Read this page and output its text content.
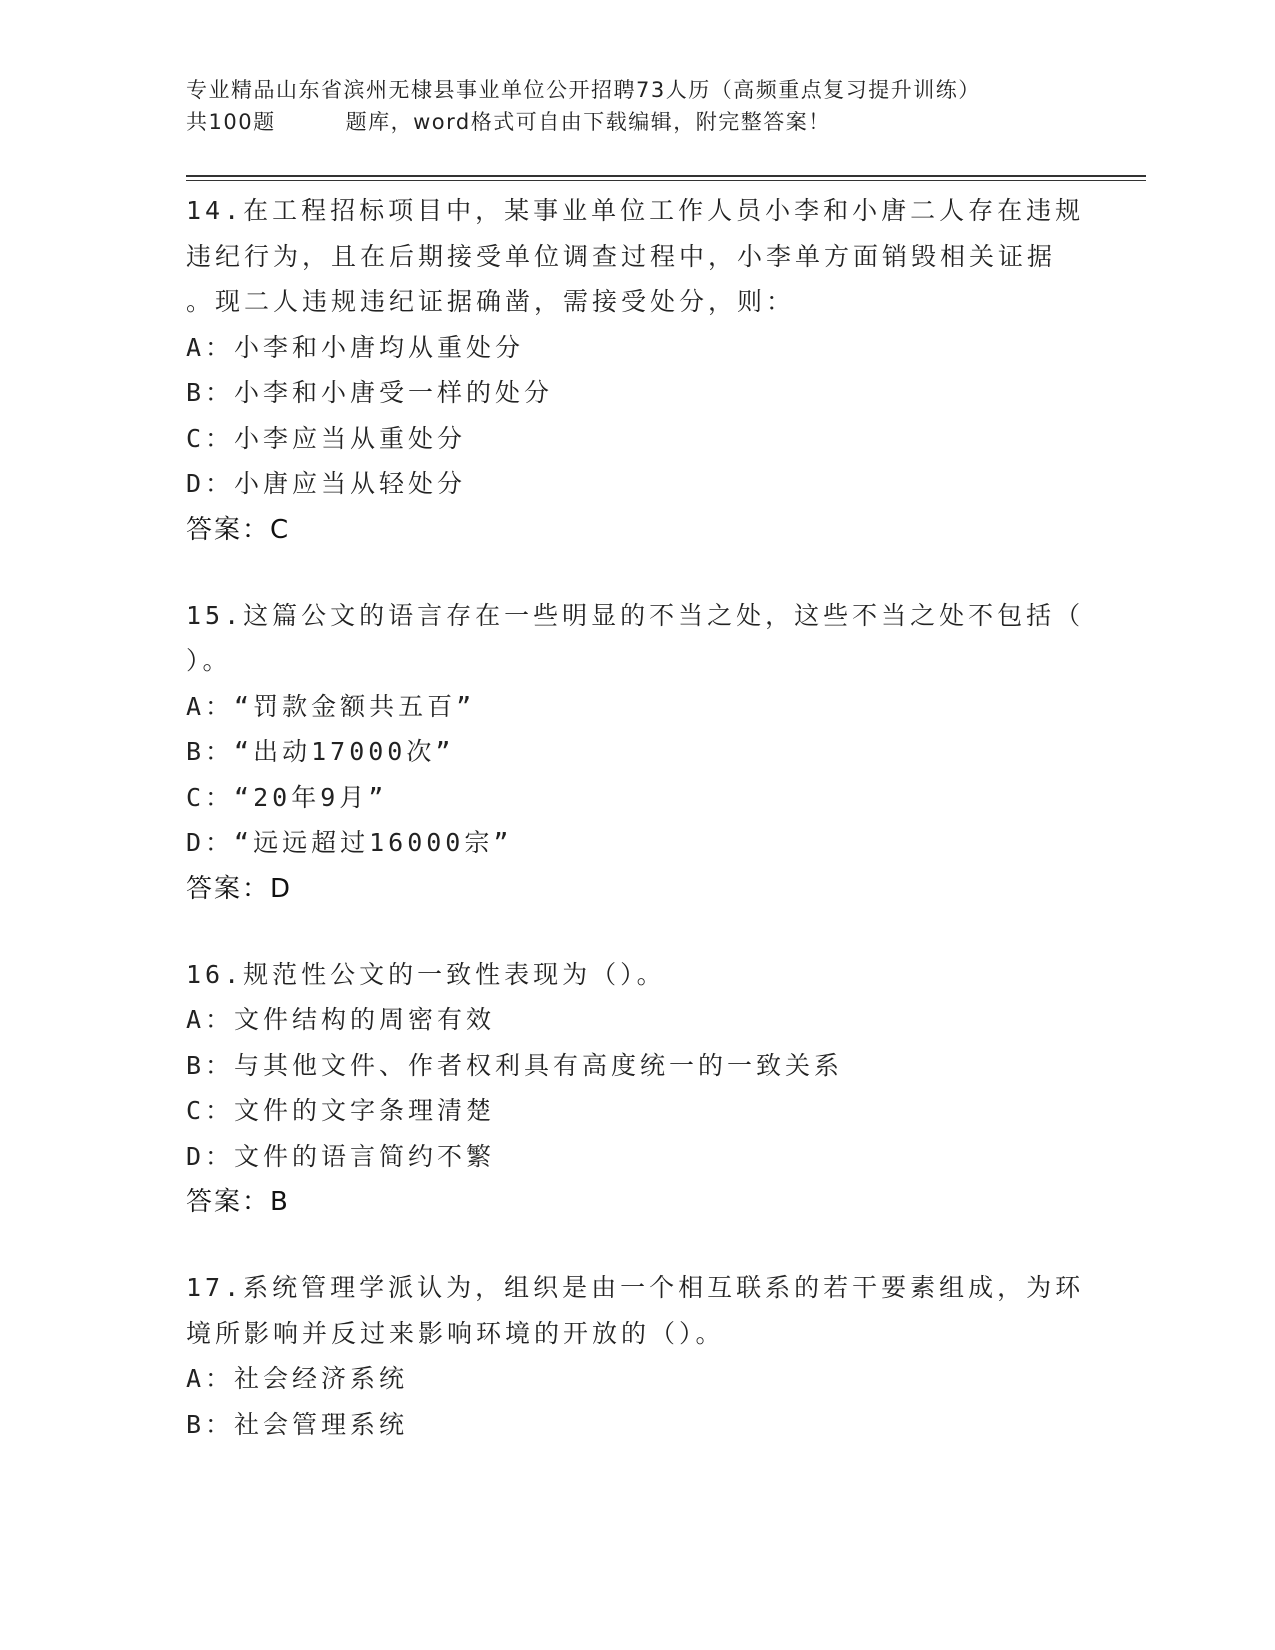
专业精品山东省滨州无棣县事业单位公开招聘73人历（高频重点复习提升训练）
共100题	题库，word格式可自由下载编辑，附完整答案！
14.在工程招标项目中，某事业单位工作人员小李和小唐二人存在违规
违纪行为，且在后期接受单位调查过程中，小李单方面销毁相关证据
。现二人违规违纪证据确凿，需接受处分，则：
A：小李和小唐均从重处分
B：小李和小唐受一样的处分
C：小李应当从重处分
D：小唐应当从轻处分
答案：C
15.这篇公文的语言存在一些明显的不当之处，这些不当之处不包括（
）。
A：“罚款金额共五百”
B：“出动17000次”
C：“20年9月”
D：“远远超过16000宗”
答案：D
16.规范性公文的一致性表现为（）。
A：文件结构的周密有效
B：与其他文件、作者权利具有高度统一的一致关系
C：文件的文字条理清楚
D：文件的语言简约不繁
答案：B
17.系统管理学派认为，组织是由一个相互联系的若干要素组成，为环
境所影响并反过来影响环境的开放的（）。
A：社会经济系统
B：社会管理系统
